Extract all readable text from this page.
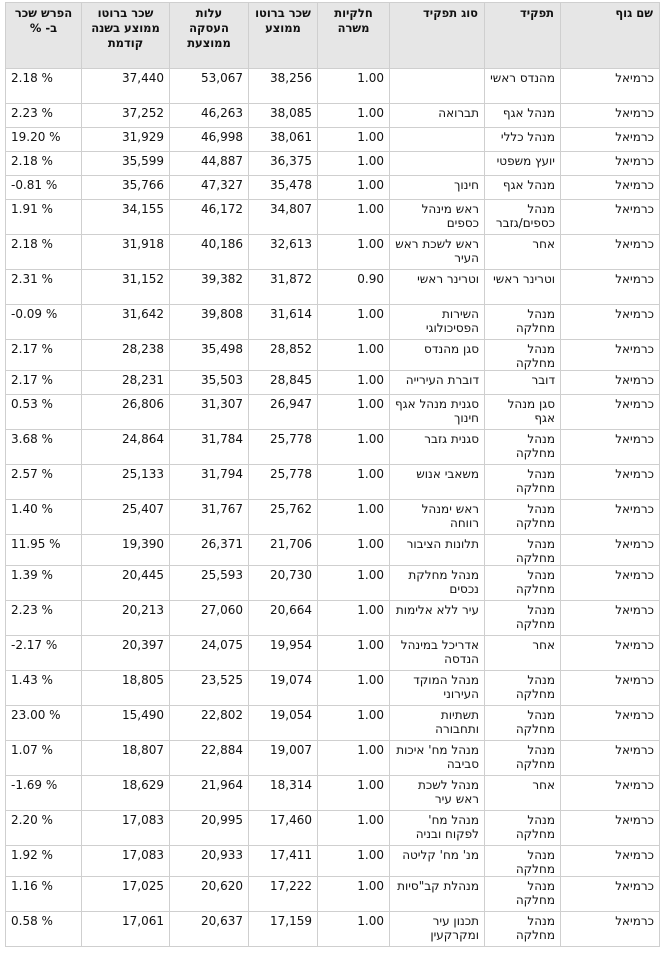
שם גוף	תפקיד	סוג תפקיד	חלקיות משרה	שכר ברוטו ממוצע	עלות העסקה ממוצעת	שכר ברוטו ממוצע בשנה קודמת	הפרש שכר ב- %
כרמיאל	מהנדס ראשי		1.00	38,256	53,067	37,440	2.18 %
כרמיאל	מנהל אגף	תברואה	1.00	38,085	46,263	37,252	2.23 %
כרמיאל	מנהל כללי		1.00	38,061	46,998	31,929	19.20 %
כרמיאל	יועץ משפטי		1.00	36,375	44,887	35,599	2.18 %
כרמיאל	מנהל אגף	חינוך	1.00	35,478	47,327	35,766	-0.81 %
כרמיאל	מנהל כספים/גזבר	ראש מינהל כספים	1.00	34,807	46,172	34,155	1.91 %
כרמיאל	אחר	ראש לשכת ראש העיר	1.00	32,613	40,186	31,918	2.18 %
כרמיאל	וטרינר ראשי	וטרינר ראשי	0.90	31,872	39,382	31,152	2.31 %
כרמיאל	מנהל מחלקה	השירות הפסיכולוגי	1.00	31,614	39,808	31,642	-0.09 %
כרמיאל	מנהל מחלקה	סגן מהנדס	1.00	28,852	35,498	28,238	2.17 %
כרמיאל	דובר	דוברת העירייה	1.00	28,845	35,503	28,231	2.17 %
כרמיאל	סגן מנהל אגף	סגנית מנהל אגף חינוך	1.00	26,947	31,307	26,806	0.53 %
כרמיאל	מנהל מחלקה	סגנית גזבר	1.00	25,778	31,784	24,864	3.68 %
כרמיאל	מנהל מחלקה	משאבי אנוש	1.00	25,778	31,794	25,133	2.57 %
כרמיאל	מנהל מחלקה	ראש ימנהל רווחה	1.00	25,762	31,767	25,407	1.40 %
כרמיאל	מנהל מחלקה	תלונות הציבור	1.00	21,706	26,371	19,390	11.95 %
כרמיאל	מנהל מחלקה	מנהל מחלקת נכסים	1.00	20,730	25,593	20,445	1.39 %
כרמיאל	מנהל מחלקה	עיר ללא אלימות	1.00	20,664	27,060	20,213	2.23 %
כרמיאל	אחר	אדריכל במינהל הנדסה	1.00	19,954	24,075	20,397	-2.17 %
כרמיאל	מנהל מחלקה	מנהל המוקד העירוני	1.00	19,074	23,525	18,805	1.43 %
כרמיאל	מנהל מחלקה	תשתיות ותחבורה	1.00	19,054	22,802	15,490	23.00 %
כרמיאל	מנהל מחלקה	מנהל מח' איכות סביבה	1.00	19,007	22,884	18,807	1.07 %
כרמיאל	אחר	מנהל לשכת ראש עיר	1.00	18,314	21,964	18,629	-1.69 %
כרמיאל	מנהל מחלקה	מנהל מח' לפקוח ובניה	1.00	17,460	20,995	17,083	2.20 %
כרמיאל	מנהל מחלקה	מנ' מח' קליטה	1.00	17,411	20,933	17,083	1.92 %
כרמיאל	מנהל מחלקה	מנהלת קב"סיות	1.00	17,222	20,620	17,025	1.16 %
כרמיאל	מנהל מחלקה	תכנון עיר ומקרקעין	1.00	17,159	20,637	17,061	0.58 %
